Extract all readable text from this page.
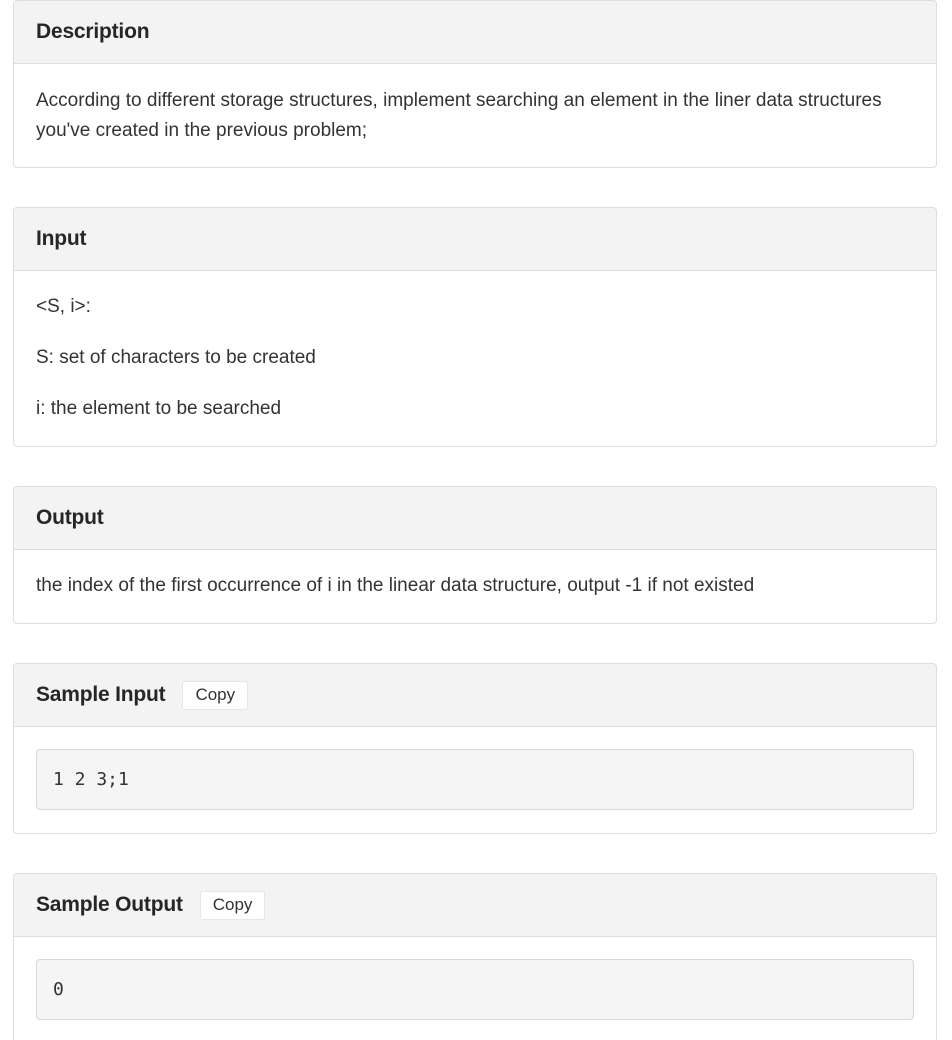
Description

According to different storage structures, implement searching an element in the liner data structures you've created in the previous problem;

Input

<S, i>:

S: set of characters to be created

i: the element to be searched

Output

the index of the first occurrence of i in the linear data structure, output -1 if not existed

Sample Input	Copy
1 2 3;1
Sample Output	Copy
0
